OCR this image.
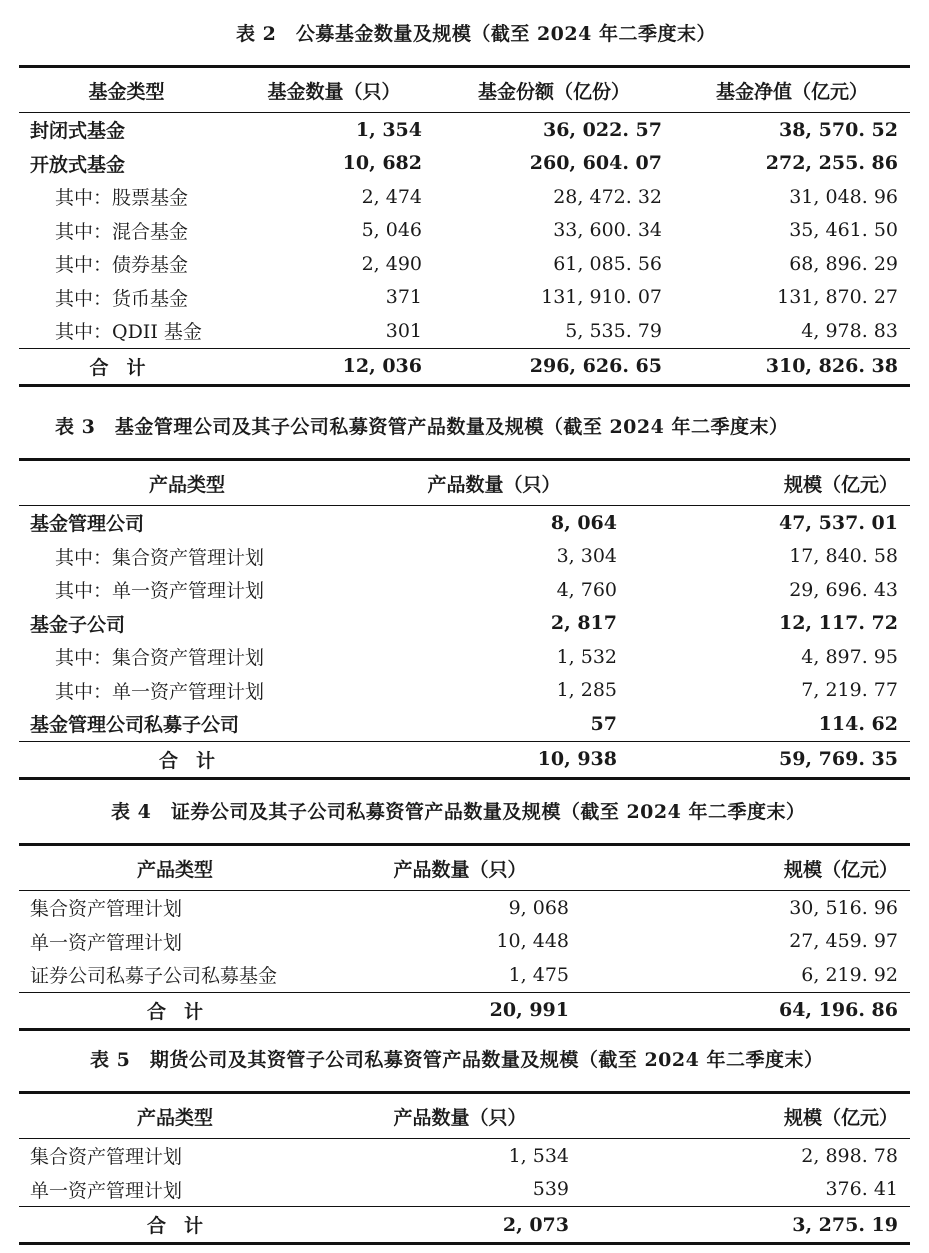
表 2　公募基金数量及规模（截至 2024 年二季度末）
基金类型	基金数量（只）	基金份额（亿份）	基金净值（亿元）
封闭式基金	1, 354	36, 022. 57	38, 570. 52
开放式基金	10, 682	260, 604. 07	272, 255. 86
其中：股票基金	2, 474	28, 472. 32	31, 048. 96
其中：混合基金	5, 046	33, 600. 34	35, 461. 50
其中：债券基金	2, 490	61, 085. 56	68, 896. 29
其中：货币基金	371	131, 910. 07	131, 870. 27
其中：QDII 基金	301	5, 535. 79	4, 978. 83
合计	12, 036	296, 626. 65	310, 826. 38
表 3　基金管理公司及其子公司私募资管产品数量及规模（截至 2024 年二季度末）
产品类型	产品数量（只）	规模（亿元）
基金管理公司	8, 064	47, 537. 01
其中：集合资产管理计划	3, 304	17, 840. 58
其中：单一资产管理计划	4, 760	29, 696. 43
基金子公司	2, 817	12, 117. 72
其中：集合资产管理计划	1, 532	4, 897. 95
其中：单一资产管理计划	1, 285	7, 219. 77
基金管理公司私募子公司	57	114. 62
合计	10, 938	59, 769. 35
表 4　证券公司及其子公司私募资管产品数量及规模（截至 2024 年二季度末）
产品类型	产品数量（只）	规模（亿元）
集合资产管理计划	9, 068	30, 516. 96
单一资产管理计划	10, 448	27, 459. 97
证券公司私募子公司私募基金	1, 475	6, 219. 92
合计	20, 991	64, 196. 86
表 5　期货公司及其资管子公司私募资管产品数量及规模（截至 2024 年二季度末）
产品类型	产品数量（只）	规模（亿元）
集合资产管理计划	1, 534	2, 898. 78
单一资产管理计划	539	376. 41
合计	2, 073	3, 275. 19
